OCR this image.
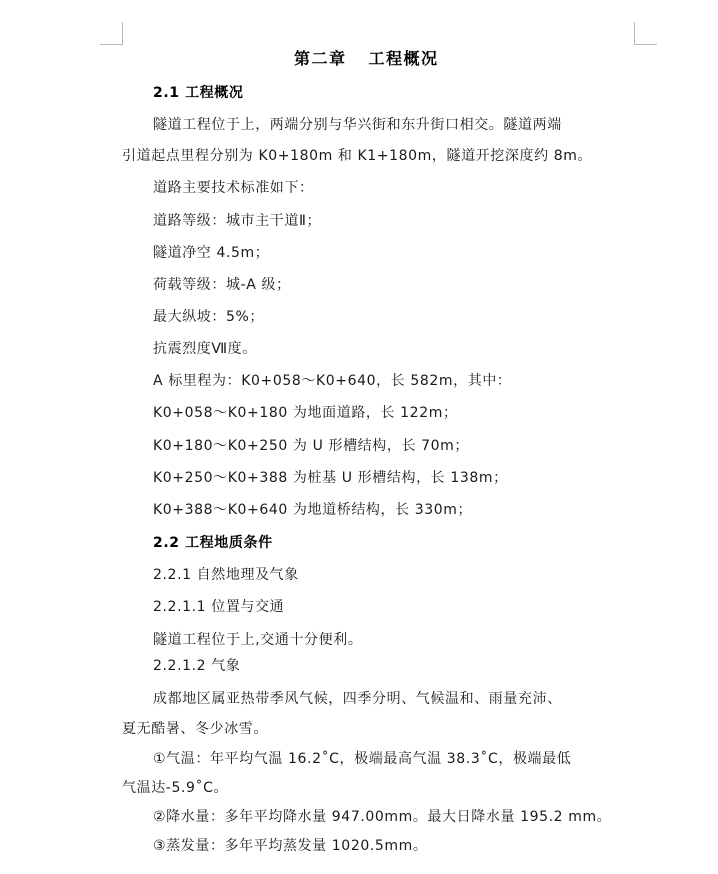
第二章 工程概况
2.1 工程概况
隧道工程位于上，两端分别与华兴街和东升街口相交。隧道两端
引道起点里程分别为 K0+180m 和 K1+180m，隧道开挖深度约 8m。
道路主要技术标准如下：
道路等级：城市主干道Ⅱ；
隧道净空 4.5m；
荷载等级：城-A 级；
最大纵坡：5%；
抗震烈度Ⅶ度。
A 标里程为：K0+058～K0+640，长 582m，其中：
K0+058～K0+180 为地面道路，长 122m；
K0+180～K0+250 为 U 形槽结构，长 70m；
K0+250～K0+388 为桩基 U 形槽结构，长 138m；
K0+388～K0+640 为地道桥结构，长 330m；
2.2 工程地质条件
2.2.1 自然地理及气象
2.2.1.1 位置与交通
隧道工程位于上,交通十分便利。
2.2.1.2 气象
成都地区属亚热带季风气候，四季分明、气候温和、雨量充沛、
夏无酷暑、冬少冰雪。
①气温：年平均气温 16.2˚C，极端最高气温 38.3˚C，极端最低
气温达-5.9˚C。
②降水量：多年平均降水量 947.00mm。最大日降水量 195.2 mm。
③蒸发量：多年平均蒸发量 1020.5mm。
